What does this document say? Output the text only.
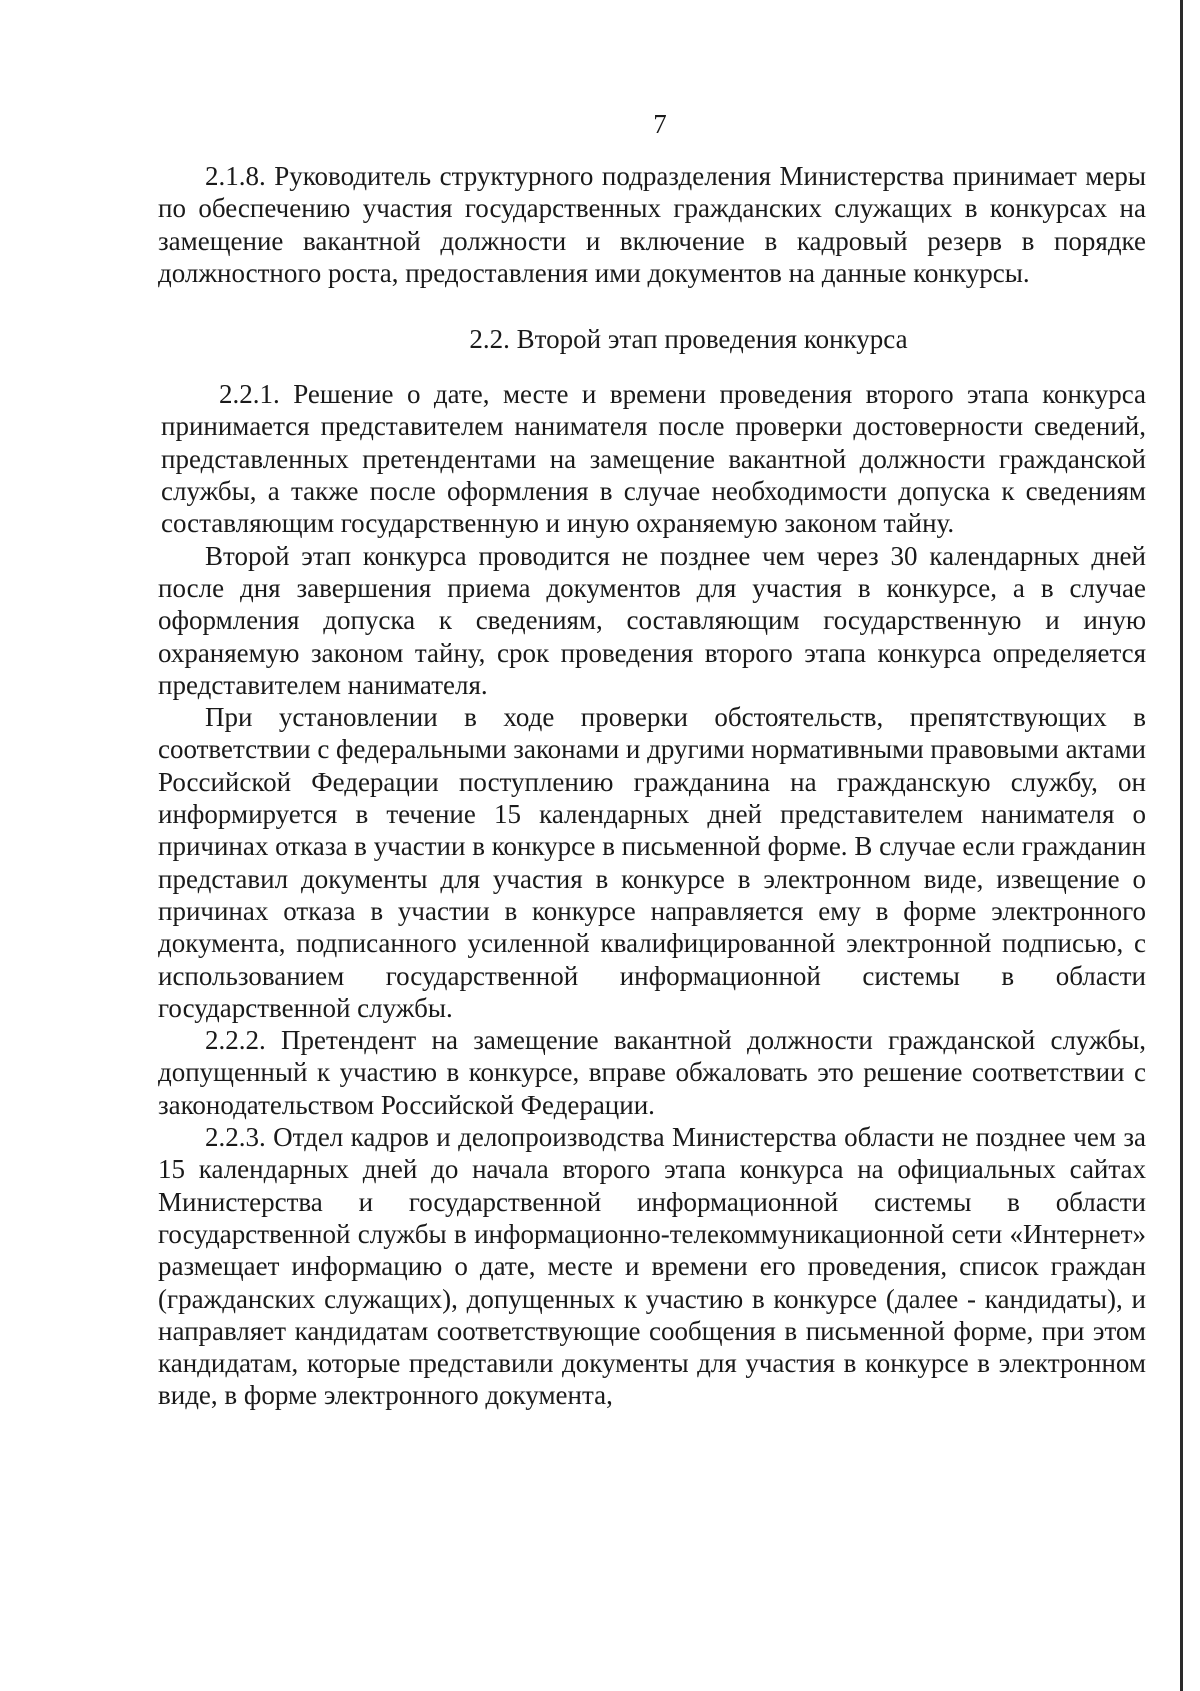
7

2.1.8. Руководитель структурного подразделения Министерства принимает меры по обеспечению участия государственных гражданских служащих в конкурсах на замещение вакантной должности и включение в кадровый резерв в порядке должностного роста, предоставления ими документов на данные конкурсы.

2.2. Второй этап проведения конкурса

2.2.1. Решение о дате, месте и времени проведения второго этапа конкурса принимается представителем нанимателя после проверки достоверности сведений, представленных претендентами на замещение вакантной должности гражданской службы, а также после оформления в случае необходимости допуска к сведениям составляющим государственную и иную охраняемую законом тайну.

Второй этап конкурса проводится не позднее чем через 30 календарных дней после дня завершения приема документов для участия в конкурсе, а в случае оформления допуска к сведениям, составляющим государственную и иную охраняемую законом тайну, срок проведения второго этапа конкурса определяется представителем нанимателя.

При установлении в ходе проверки обстоятельств, препятствующих в соответствии с федеральными законами и другими нормативными правовыми актами Российской Федерации поступлению гражданина на гражданскую службу, он информируется в течение 15 календарных дней представителем нанимателя о причинах отказа в участии в конкурсе в письменной форме. В случае если гражданин представил документы для участия в конкурсе в электронном виде, извещение о причинах отказа в участии в конкурсе направляется ему в форме электронного документа, подписанного усиленной квалифицированной электронной подписью, с использованием государственной информационной системы в области государственной службы.

2.2.2. Претендент на замещение вакантной должности гражданской службы, допущенный к участию в конкурсе, вправе обжаловать это решение соответствии с законодательством Российской Федерации.

2.2.3. Отдел кадров и делопроизводства Министерства области не позднее чем за 15 календарных дней до начала второго этапа конкурса на официальных сайтах Министерства и государственной информационной системы в области государственной службы в информационно-телекоммуникационной сети «Интернет» размещает информацию о дате, месте и времени его проведения, список граждан (гражданских служащих), допущенных к участию в конкурсе (далее - кандидаты), и направляет кандидатам соответствующие сообщения в письменной форме, при этом кандидатам, которые представили документы для участия в конкурсе в электронном виде, в форме электронного документа,
